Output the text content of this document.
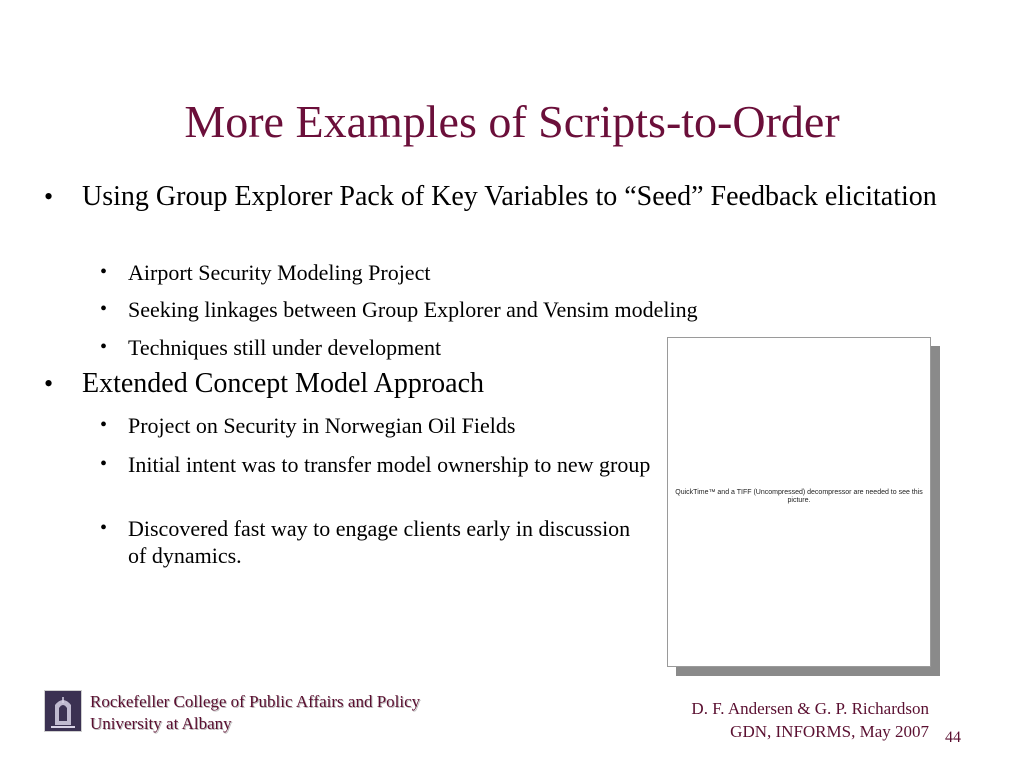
More Examples of Scripts-to-Order
• Using Group Explorer Pack of Key Variables to “Seed” Feedback elicitation
• Airport Security Modeling Project
• Seeking linkages between Group Explorer and Vensim modeling
• Techniques still under development
• Extended Concept Model Approach
• Project on Security in Norwegian Oil Fields
• Initial intent was to transfer model ownership to new group
• Discovered fast way to engage clients early in discussion of dynamics.
QuickTime™ and a TIFF (Uncompressed) decompressor are needed to see this picture.
Rockefeller College of Public Affairs and Policy
University at Albany
D. F. Andersen & G. P. Richardson
GDN, INFORMS, May 2007 44
